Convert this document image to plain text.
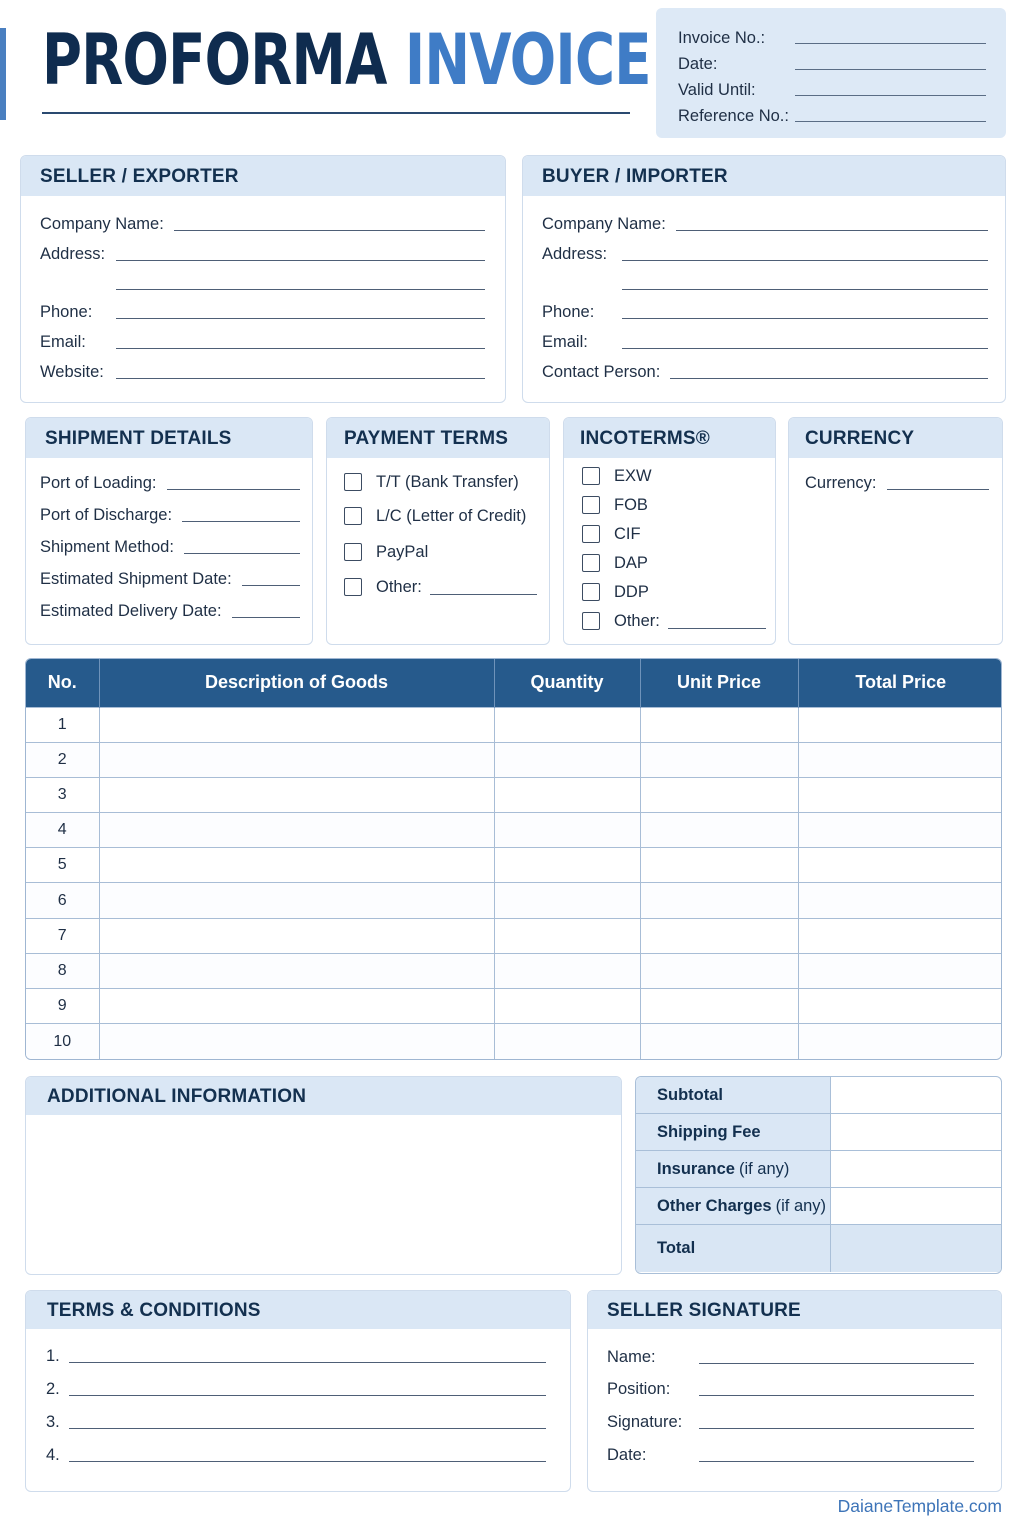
PROFORMA INVOICE Invoice No.:
Date:
Valid Until:
Reference No.:
SELLER / EXPORTER
Company Name:
Address:
Phone:
Email:
Website:
BUYER / IMPORTER
Company Name:
Address:
Phone:
Email:
Contact Person:
SHIPMENT DETAILS
Port of Loading:
Port of Discharge:
Shipment Method:
Estimated Shipment Date:
Estimated Delivery Date:
PAYMENT TERMS
T/T (Bank Transfer)
L/C (Letter of Credit)
PayPal
Other:
INCOTERMS®
EXW
FOB
CIF
DAP
DDP
Other:
CURRENCY
Currency:
No.	Description of Goods	Quantity	Unit Price	Total Price
1				
2				
3				
4				
5				
6				
7				
8				
9				
10				
ADDITIONAL INFORMATION	Subtotal
Shipping Fee
Insurance (if any)
Other Charges (if any)
Total
TERMS & CONDITIONS
1.
2.
3.
4.
SELLER SIGNATURE
Name:
Position:
Signature:
Date:
DaianeTemplate.com
